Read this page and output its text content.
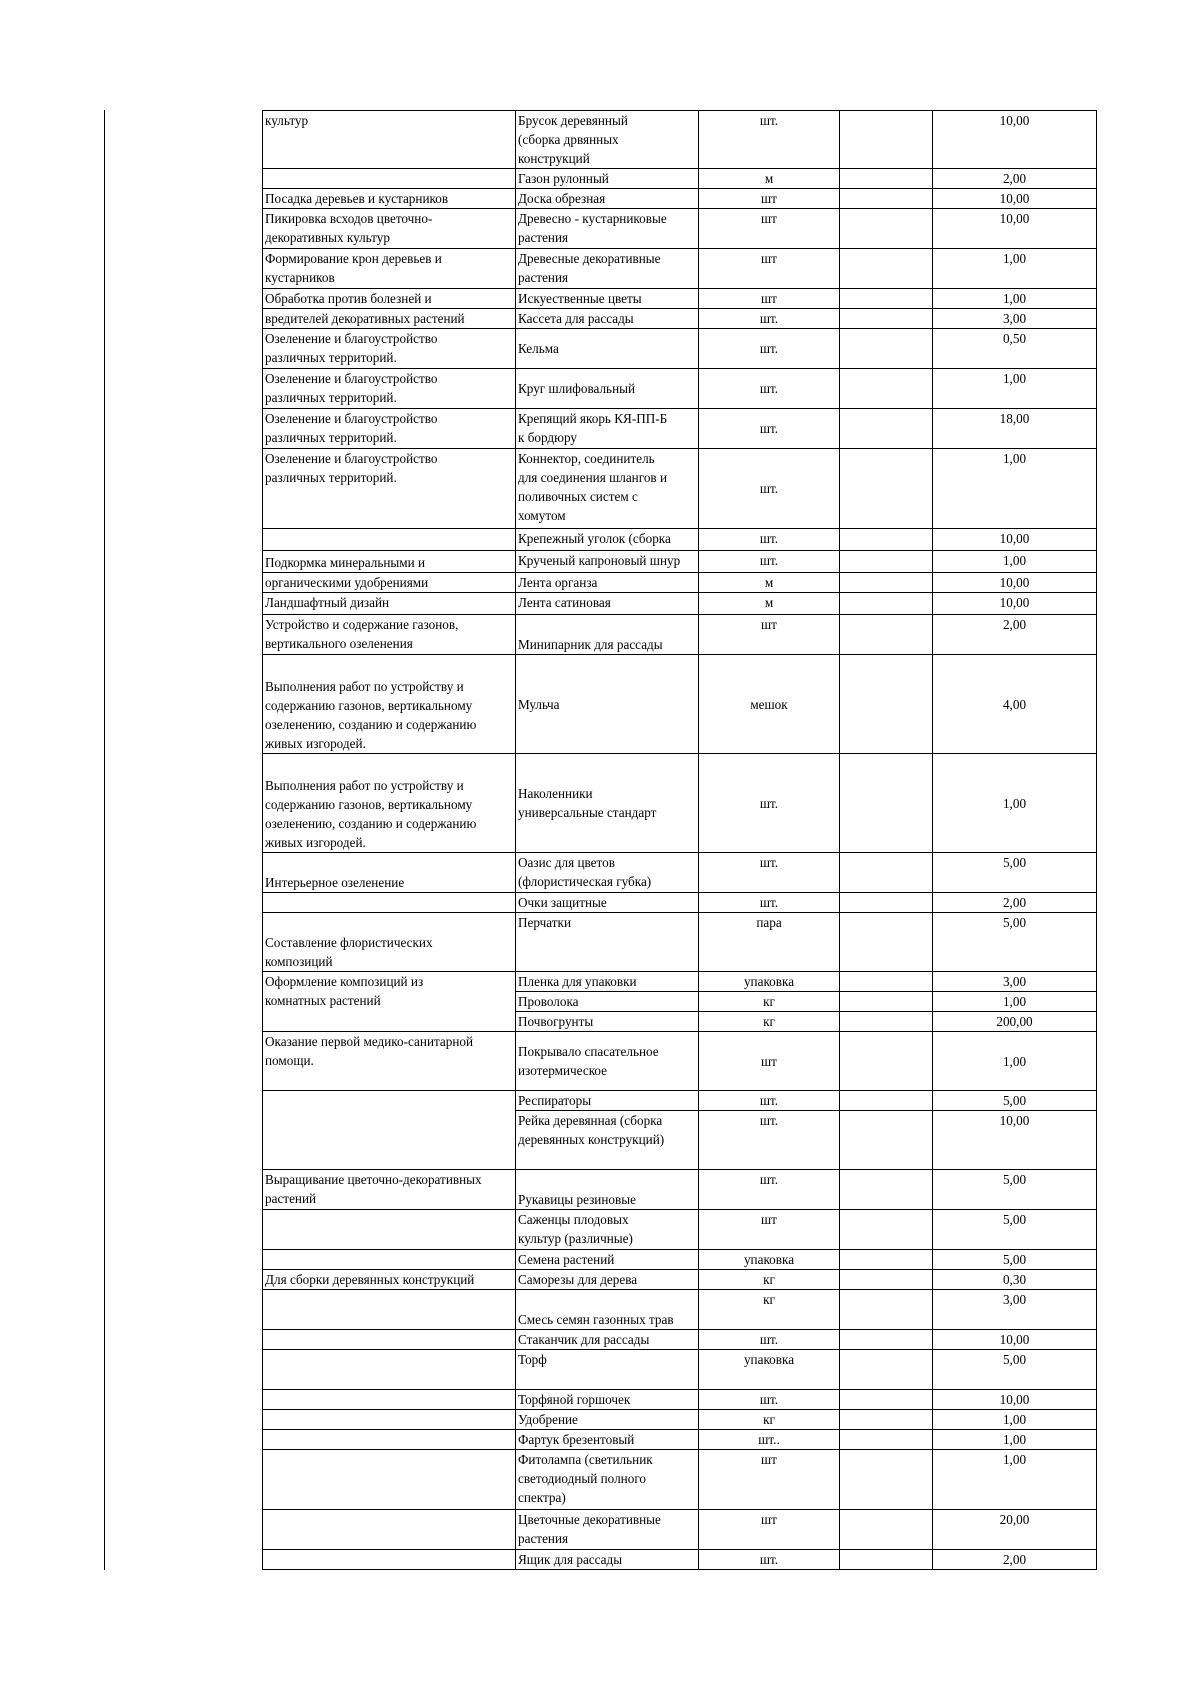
культур	Брусок деревянный
(сборка дрвянных
конструкций	шт.		10,00
	Газон рулонный	м		2,00
Посадка деревьев и кустарников	Доска обрезная	шт		10,00
Пикировка всходов цветочно-
декоративных культур	Древесно - кустарниковые
растения	шт		10,00
Формирование крон деревьев и
кустарников	Древесные декоративные
растения	шт		1,00
Обработка против болезней и	Искуественные цветы	шт		1,00
вредителей декоративных растений	Кассета для рассады	шт.		3,00
Озеленение и благоустройство
различных территорий.	Кельма	шт.		0,50
Озеленение и благоустройство
различных территорий.	Круг шлифовальный	шт.		1,00
Озеленение и благоустройство
различных территорий.	Крепящий якорь КЯ-ПП-Б
к бордюру	шт.		18,00
Озеленение и благоустройство
различных территорий.	Коннектор, соединитель
для соединения шлангов и
поливочных систем с
хомутом	шт.		1,00
	Крепежный уголок (сборка	шт.		10,00
Подкормка минеральными и	Крученый капроновый шнур	шт.		1,00
органическими удобрениями	Лента органза	м		10,00
Ландшафтный дизайн	Лента сатиновая	м		10,00
Устройство и содержание газонов,
вертикального озеленения	Минипарник для рассады	шт		2,00
Выполнения работ по устройству и
содержанию газонов, вертикальному
озеленению, созданию и содержанию
живых изгородей.	Мульча	мешок		4,00
Выполнения работ по устройству и
содержанию газонов, вертикальному
озеленению, созданию и содержанию
живых изгородей.	Наколенники
универсальные стандарт	шт.		1,00
Интерьерное озеленение	Оазис для цветов
(флористическая губка)	шт.		5,00
	Очки защитные	шт.		2,00
Составление флористических
композиций	Перчатки	пара		5,00
Оформление композиций из
комнатных растений	Пленка для упаковки	упаковка		3,00
	Проволока	кг		1,00
	Почвогрунты	кг		200,00
Оказание первой медико-санитарной
помощи.	Покрывало спасательное
изотермическое	шт		1,00
	Респираторы	шт.		5,00
	Рейка деревянная (сборка
деревянных конструкций)	шт.		10,00
Выращивание цветочно-декоративных
растений	Рукавицы резиновые	шт.		5,00
	Саженцы плодовых
культур (различные)	шт		5,00
	Семена растений	упаковка		5,00
Для сборки деревянных конструкций	Саморезы для дерева	кг		0,30
	Смесь семян газонных трав	кг		3,00
	Стаканчик для рассады	шт.		10,00
	Торф	упаковка		5,00
	Торфяной горшочек	шт.		10,00
	Удобрение	кг		1,00
	Фартук брезентовый	шт..		1,00
	Фитолампа (светильник
светодиодный полного
спектра)	шт		1,00
	Цветочные декоративные
растения	шт		20,00
	Ящик для рассады	шт.		2,00
